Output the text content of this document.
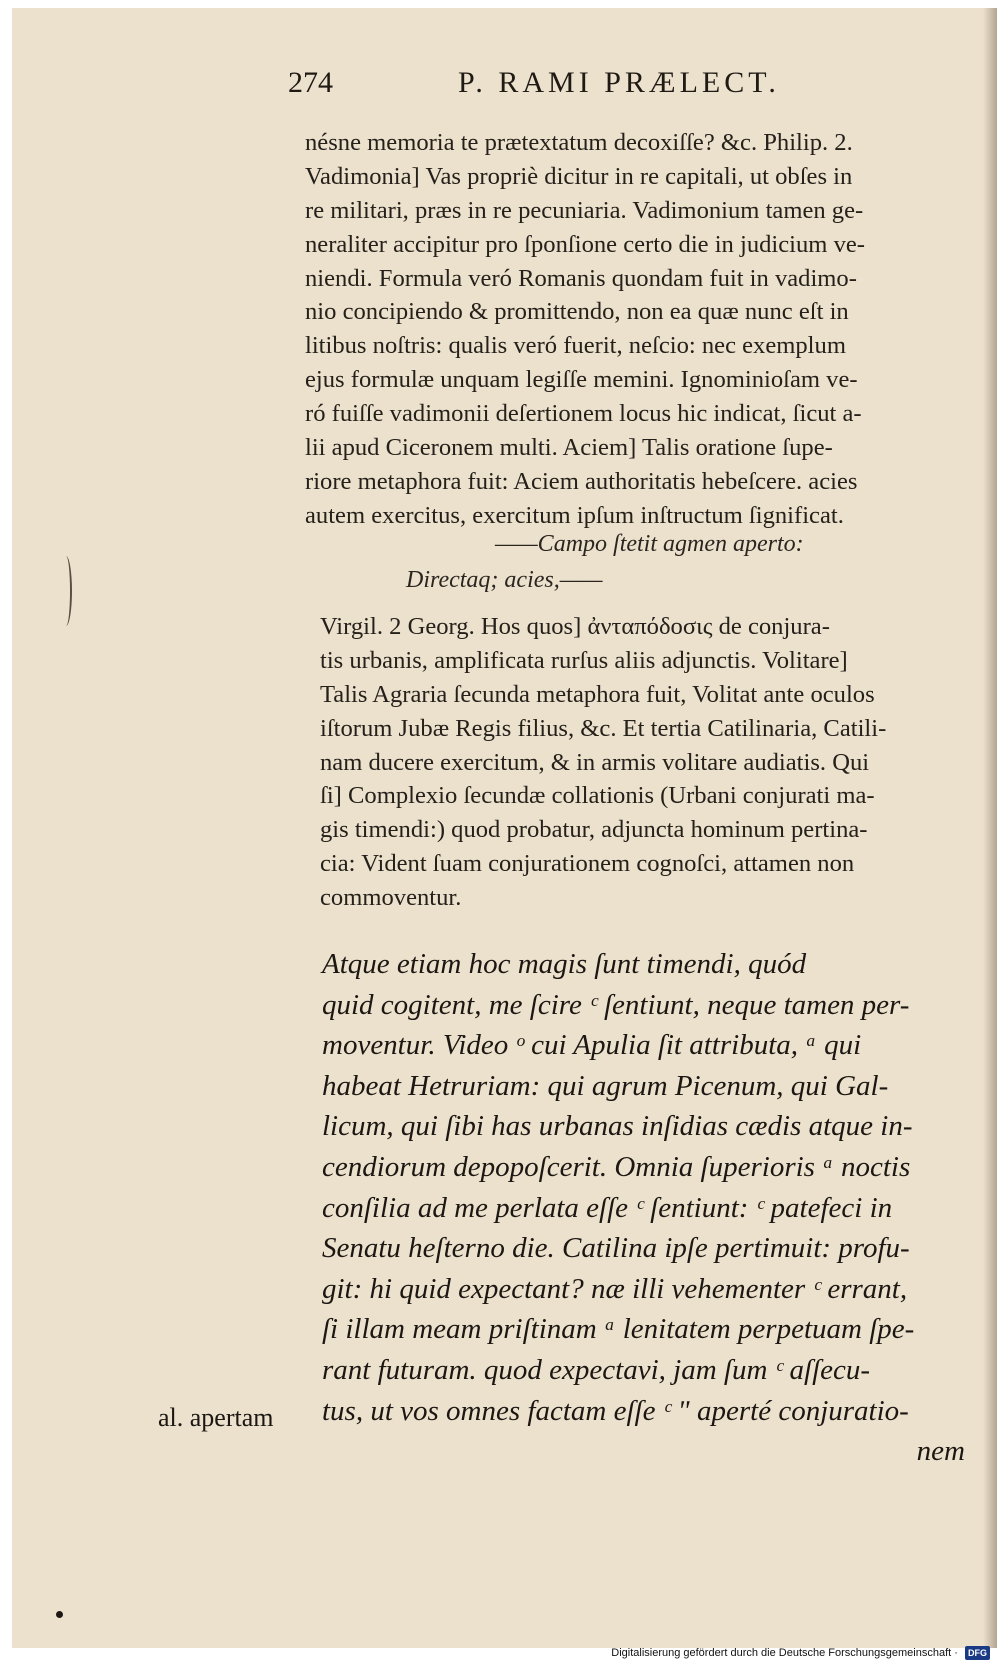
274	P. RAMI PRÆLECT.
nésne memoria te prætextatum decoxiſſe? &c. Philip. 2.
Vadimonia] Vas propriè dicitur in re capitali, ut obſes in
re militari, præs in re pecuniaria. Vadimonium tamen ge-
neraliter accipitur pro ſponſione certo die in judicium ve-
niendi. Formula veró Romanis quondam fuit in vadimo-
nio concipiendo & promittendo, non ea quæ nunc eſt in
litibus noſtris: qualis veró fuerit, neſcio: nec exemplum
ejus formulæ unquam legiſſe memini. Ignominioſam ve-
ró fuiſſe vadimonii deſertionem locus hic indicat, ſicut a-
lii apud Ciceronem multi. Aciem] Talis oratione ſupe-
riore metaphora fuit: Aciem authoritatis hebeſcere. acies
autem exercitus, exercitum ipſum inſtructum ſignificat.
——Campo ſtetit agmen aperto:
Directaq; acies,——
Virgil. 2 Georg. Hos quos] ἀνταπόδοσις de conjura-
tis urbanis, amplificata rurſus aliis adjunctis. Volitare]
Talis Agraria ſecunda metaphora fuit, Volitat ante oculos
iſtorum Jubæ Regis filius, &c. Et tertia Catilinaria, Catili-
nam ducere exercitum, & in armis volitare audiatis. Qui
ſi] Complexio ſecundæ collationis (Urbani conjurati ma-
gis timendi:) quod probatur, adjuncta hominum pertina-
cia: Vident ſuam conjurationem cognoſci, attamen non
commoventur.
Atque etiam hoc magis ſunt timendi, quód
quid cogitent, me ſcire ᶜ ſentiunt, neque tamen per-
moventur. Video ᵒ cui Apulia ſit attributa, ᵃ qui
habeat Hetruriam: qui agrum Picenum, qui Gal-
licum, qui ſibi has urbanas inſidias cædis atque in-
cendiorum depopoſcerit. Omnia ſuperioris ᵃ noctis
conſilia ad me perlata eſſe ᶜ ſentiunt: ᶜ patefeci in
Senatu heſterno die. Catilina ipſe pertimuit: profu-
git: hi quid expectant? næ illi vehementer ᶜ errant,
ſi illam meam priſtinam ᵃ lenitatem perpetuam ſpe-
rant futuram. quod expectavi, jam ſum ᶜ aſſecu-
tus, ut vos omnes factam eſſe ᶜ ʺ aperté conjuratio-
nem
al. apertam
Digitalisierung gefördert durch die Deutsche Forschungsgemeinschaft · DFG
